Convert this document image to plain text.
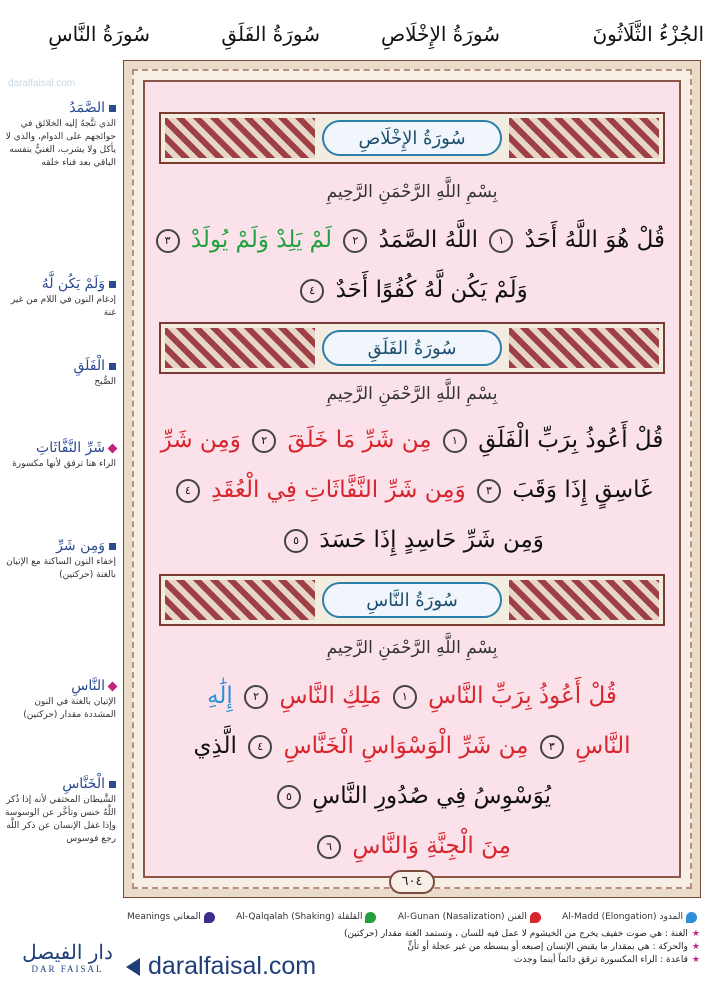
الجُزْءُ الثَّلَاثُونَ
سُورَةُ الإِخْلَاصِ
سُورَةُ الفَلَقِ
سُورَةُ النَّاسِ
daralfaisal.com
الصَّمَدُ
الذي تتَّجهُ إليه الخلائق في حوائجهم على الدوام، والذي لا يأكل ولا يشرب، الغنيُّ بنفسه الباقي بعد فناء خلقه
وَلَمْ يَكُن لَّهُ
إدغام النون في اللام من غير غنة
الْفَلَقِ
الصُّبح
شَرِّ النَّفَّاثَاتِ
الراء هنا ترقق لأنها مكسورة
وَمِن شَرِّ
إخفاء النون الساكنة مع الإتيان بالغنة (حركتين)
النَّاسِ
الإتيان بالغنة في النون المشددة مقدار (حركتين)
الْخَنَّاسِ
الشَّيطان المختفي لأنه إذا ذُكر اللَّهُ خنس وتأخَّر عن الوسوسة وإذا غفل الإنسان عن ذكر اللَّه رجع فوسوس
سُورَةُ الإِخْلَاصِ
بِسْمِ اللَّهِ الرَّحْمَنِ الرَّحِيمِ
قُلْ هُوَ اللَّهُ أَحَدٌ ١ اللَّهُ الصَّمَدُ ٢ لَمْ يَلِدْ وَلَمْ يُولَدْ ٣
وَلَمْ يَكُن لَّهُ كُفُوًا أَحَدٌ ٤
سُورَةُ الفَلَقِ
بِسْمِ اللَّهِ الرَّحْمَنِ الرَّحِيمِ
قُلْ أَعُوذُ بِرَبِّ الْفَلَقِ ١ مِن شَرِّ مَا خَلَقَ ٢ وَمِن شَرِّ
غَاسِقٍ إِذَا وَقَبَ ٣ وَمِن شَرِّ النَّفَّاثَاتِ فِي الْعُقَدِ ٤
وَمِن شَرِّ حَاسِدٍ إِذَا حَسَدَ ٥
سُورَةُ النَّاسِ
بِسْمِ اللَّهِ الرَّحْمَنِ الرَّحِيمِ
قُلْ أَعُوذُ بِرَبِّ النَّاسِ ١ مَلِكِ النَّاسِ ٢ إِلَٰهِ
النَّاسِ ٣ مِن شَرِّ الْوَسْوَاسِ الْخَنَّاسِ ٤ الَّذِي
يُوَسْوِسُ فِي صُدُورِ النَّاسِ ٥
مِنَ الْجِنَّةِ وَالنَّاسِ ٦
٦٠٤
المدود
Al-Madd (Elongation)
الغنن
Al-Gunan (Nasalization)
القلقلة
Al-Qalqalah (Shaking)
المعاني
Meanings
★ الغنة : هي صوت خفيف يخرج من الخيشوم لا عمل فيه للسان ، وتستمد الغنة مقدار (حركتين)
★ والحركة : هي بمقدار ما يقبض الإنسان إصبعه أو يبسطه من غير عجلة أو تأنٍّ
★ قاعدة : الراء المكسورة ترقق دائماً أينما وجدت
دار الفيصل
DAR FAISAL	daralfaisal.com
